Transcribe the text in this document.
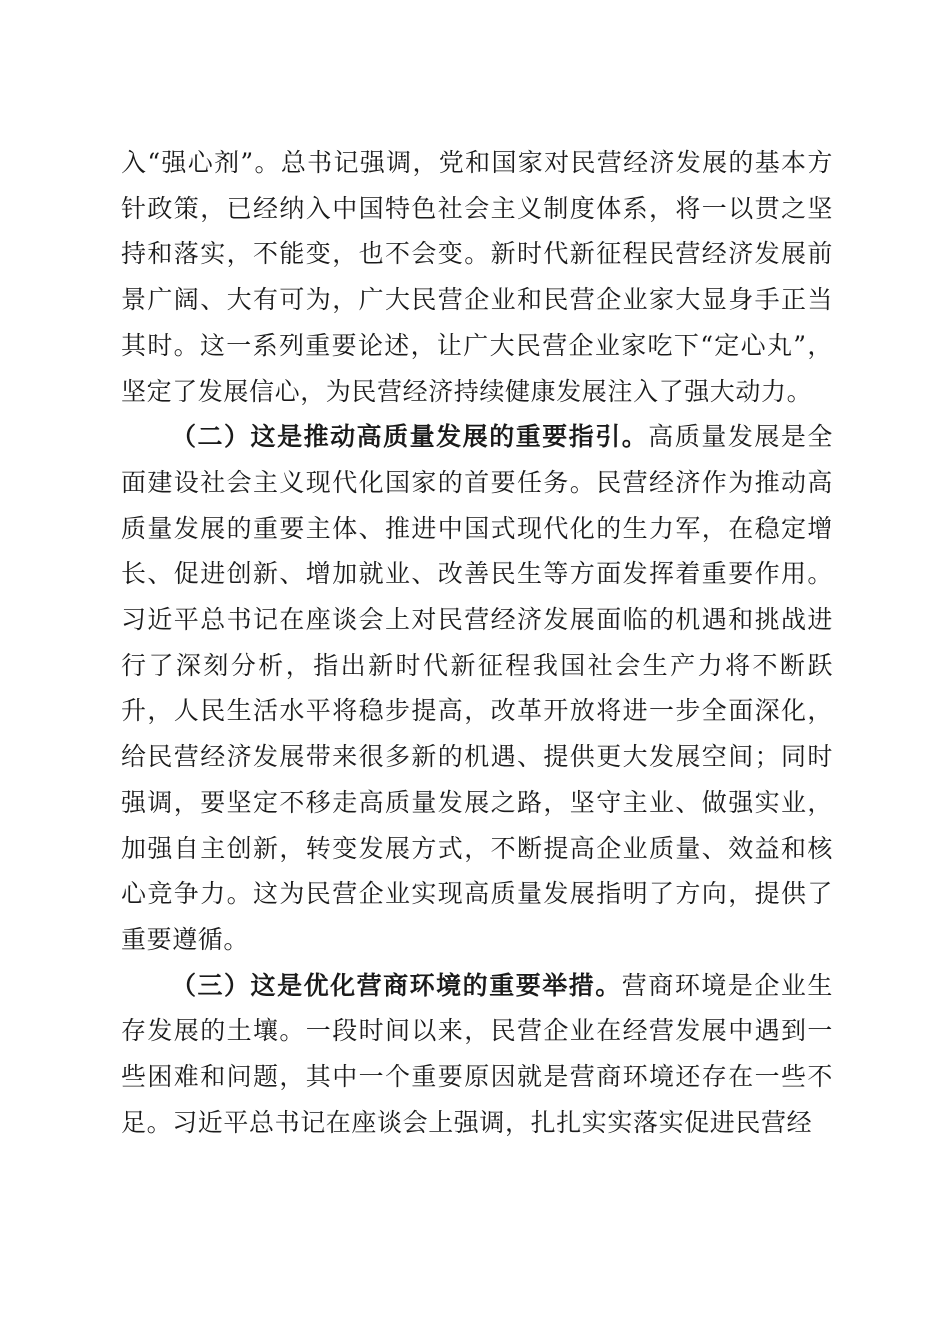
入“强心剂”。总书记强调，党和国家对民营经济发展的基本方针政策，已经纳入中国特色社会主义制度体系，将一以贯之坚持和落实，不能变，也不会变。新时代新征程民营经济发展前景广阔、大有可为，广大民营企业和民营企业家大显身手正当其时。这一系列重要论述，让广大民营企业家吃下“定心丸”，坚定了发展信心，为民营经济持续健康发展注入了强大动力。

（二）这是推动高质量发展的重要指引。高质量发展是全面建设社会主义现代化国家的首要任务。民营经济作为推动高质量发展的重要主体、推进中国式现代化的生力军，在稳定增长、促进创新、增加就业、改善民生等方面发挥着重要作用。习近平总书记在座谈会上对民营经济发展面临的机遇和挑战进行了深刻分析，指出新时代新征程我国社会生产力将不断跃升，人民生活水平将稳步提高，改革开放将进一步全面深化，给民营经济发展带来很多新的机遇、提供更大发展空间；同时强调，要坚定不移走高质量发展之路，坚守主业、做强实业，加强自主创新，转变发展方式，不断提高企业质量、效益和核心竞争力。这为民营企业实现高质量发展指明了方向，提供了重要遵循。

（三）这是优化营商环境的重要举措。营商环境是企业生存发展的土壤。一段时间以来，民营企业在经营发展中遇到一些困难和问题，其中一个重要原因就是营商环境还存在一些不足。习近平总书记在座谈会上强调，扎扎实实落实促进民营经
